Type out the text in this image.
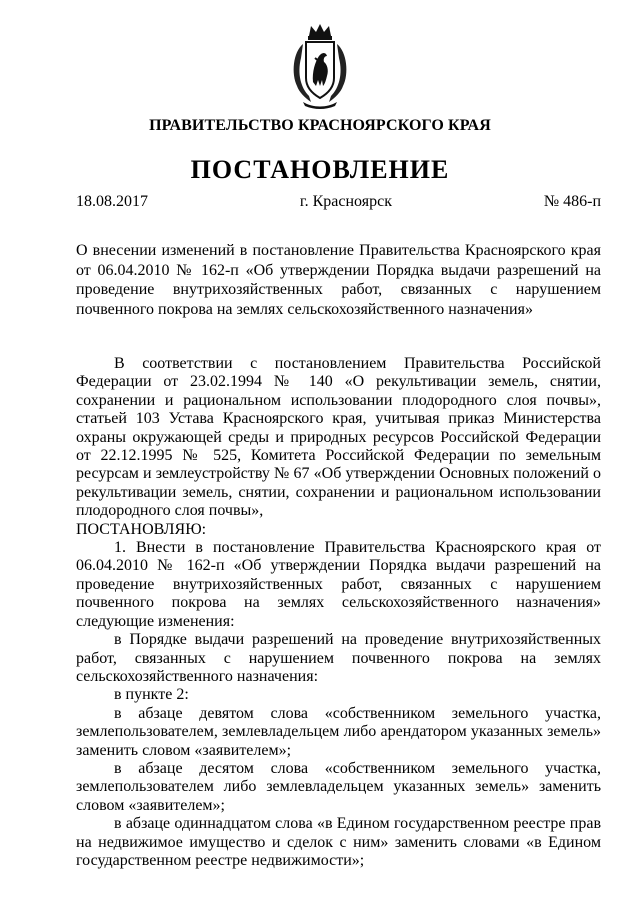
ПРАВИТЕЛЬСТВО КРАСНОЯРСКОГО КРАЯ
ПОСТАНОВЛЕНИЕ
18.08.2017	г. Красноярск	№ 486-п

О внесении изменений в постановление Правительства Красноярского края от 06.04.2010 № 162-п «Об утверждении Порядка выдачи разрешений на проведение внутрихозяйственных работ, связанных с нарушением почвенного покрова на землях сельскохозяйственного назначения»

В соответствии с постановлением Правительства Российской Федерации от 23.02.1994 № 140 «О рекультивации земель, снятии, сохранении и рациональном использовании плодородного слоя почвы», статьей 103 Устава Красноярского края, учитывая приказ Министерства охраны окружающей среды и природных ресурсов Российской Федерации от 22.12.1995 № 525, Комитета Российской Федерации по земельным ресурсам и землеустройству № 67 «Об утверждении Основных положений о рекультивации земель, снятии, сохранении и рациональном использовании плодородного слоя почвы»,

ПОСТАНОВЛЯЮ:

1. Внести в постановление Правительства Красноярского края от 06.04.2010 № 162-п «Об утверждении Порядка выдачи разрешений на проведение внутрихозяйственных работ, связанных с нарушением почвенного покрова на землях сельскохозяйственного назначения» следующие изменения:

в Порядке выдачи разрешений на проведение внутрихозяйственных работ, связанных с нарушением почвенного покрова на землях сельскохозяйственного назначения:

в пункте 2:

в абзаце девятом слова «собственником земельного участка, землепользователем, землевладельцем либо арендатором указанных земель» заменить словом «заявителем»;

в абзаце десятом слова «собственником земельного участка, землепользователем либо землевладельцем указанных земель» заменить словом «заявителем»;

в абзаце одиннадцатом слова «в Едином государственном реестре прав на недвижимое имущество и сделок с ним» заменить словами «в Едином государственном реестре недвижимости»;
